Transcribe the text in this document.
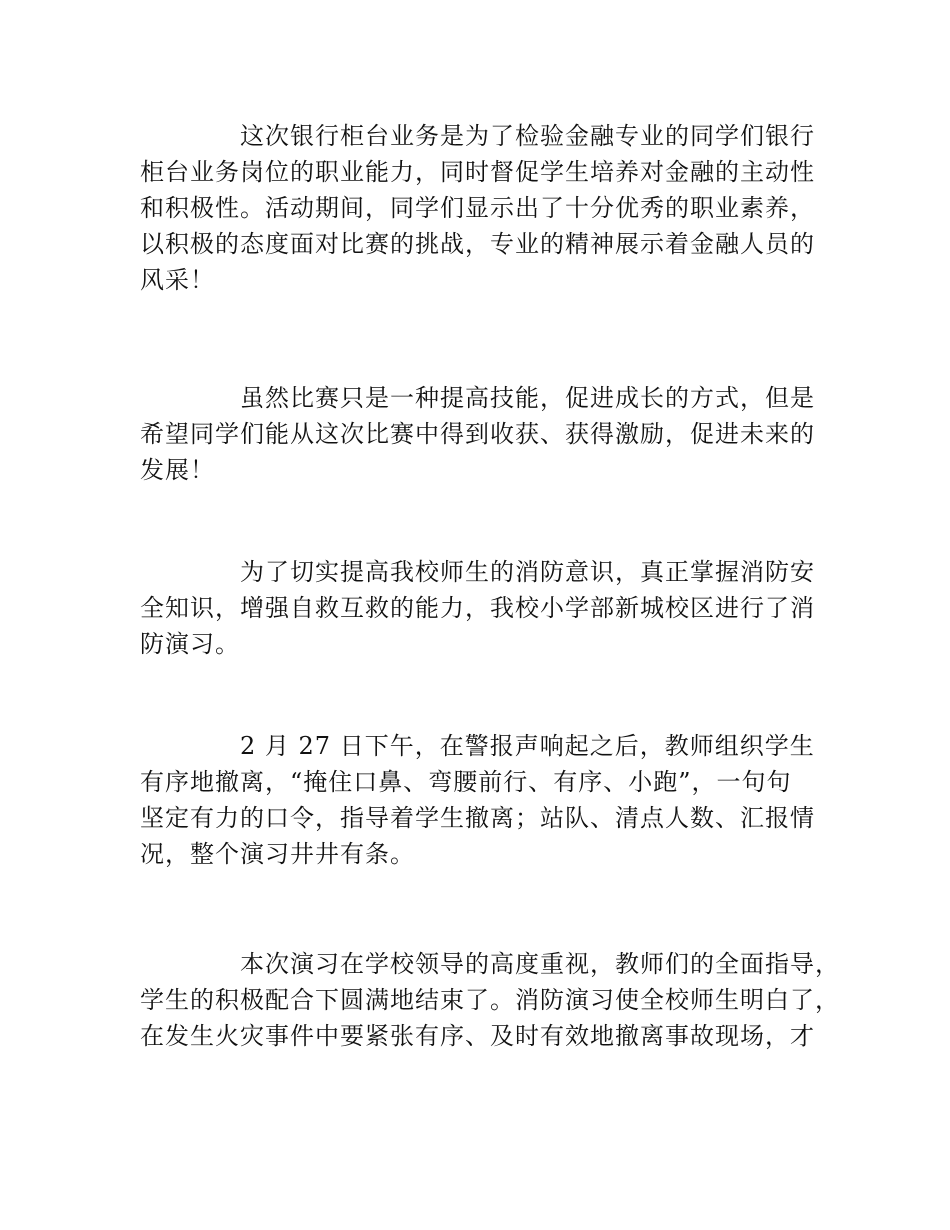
这次银行柜台业务是为了检验金融专业的同学们银行
柜台业务岗位的职业能力，同时督促学生培养对金融的主动性
和积极性。活动期间，同学们显示出了十分优秀的职业素养，
以积极的态度面对比赛的挑战，专业的精神展示着金融人员的
风采！
虽然比赛只是一种提高技能，促进成长的方式，但是
希望同学们能从这次比赛中得到收获、获得激励，促进未来的
发展！
为了切实提高我校师生的消防意识，真正掌握消防安
全知识，增强自救互救的能力，我校小学部新城校区进行了消
防演习。
2 月 27 日下午，在警报声响起之后，教师组织学生
有序地撤离，“掩住口鼻、弯腰前行、有序、小跑”，一句句
坚定有力的口令，指导着学生撤离；站队、清点人数、汇报情
况，整个演习井井有条。
本次演习在学校领导的高度重视，教师们的全面指导，
学生的积极配合下圆满地结束了。消防演习使全校师生明白了，
在发生火灾事件中要紧张有序、及时有效地撤离事故现场，才
